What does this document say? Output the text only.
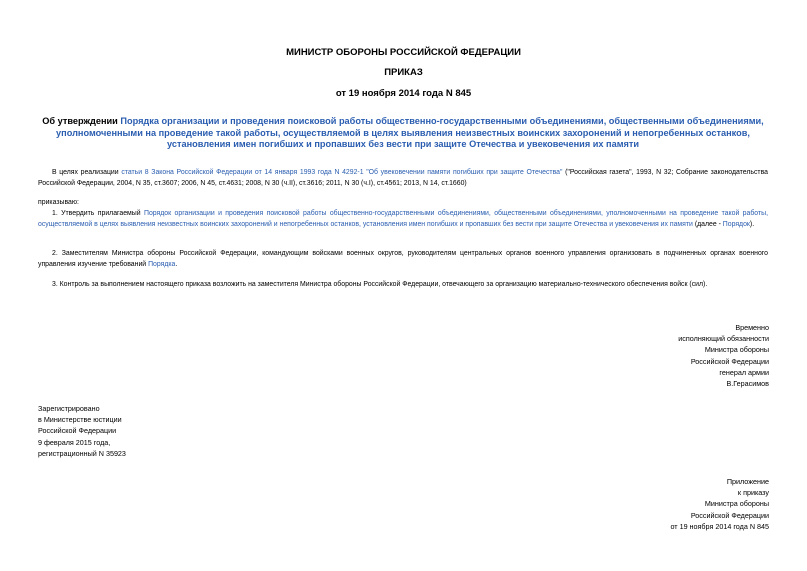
МИНИСТР ОБОРОНЫ РОССИЙСКОЙ ФЕДЕРАЦИИ
ПРИКАЗ
от 19 ноября 2014 года N 845
Об утверждении Порядка организации и проведения поисковой работы общественно-государственными объединениями, общественными объединениями, уполномоченными на проведение такой работы, осуществляемой в целях выявления неизвестных воинских захоронений и непогребенных останков, установления имен погибших и пропавших без вести при защите Отечества и увековечения их памяти
В целях реализации статьи 8 Закона Российской Федерации от 14 января 1993 года N 4292-1 "Об увековечении памяти погибших при защите Отечества" ("Российская газета", 1993, N 32; Собрание законодательства Российской Федерации, 2004, N 35, ст.3607; 2006, N 45, ст.4631; 2008, N 30 (ч.II), ст.3616; 2011, N 30 (ч.I), ст.4561; 2013, N 14, ст.1660)
приказываю:
1. Утвердить прилагаемый Порядок организации и проведения поисковой работы общественно-государственными объединениями, общественными объединениями, уполномоченными на проведение такой работы, осуществляемой в целях выявления неизвестных воинских захоронений и непогребенных останков, установления имен погибших и пропавших без вести при защите Отечества и увековечения их памяти (далее - Порядок).
2. Заместителям Министра обороны Российской Федерации, командующим войсками военных округов, руководителям центральных органов военного управления организовать в подчиненных органах военного управления изучение требований Порядка.
3. Контроль за выполнением настоящего приказа возложить на заместителя Министра обороны Российской Федерации, отвечающего за организацию материально-технического обеспечения войск (сил).
Временно
исполняющий обязанности
Министра обороны
Российской Федерации
генерал армии
В.Герасимов
Зарегистрировано
в Министерстве юстиции
Российской Федерации
9 февраля 2015 года,
регистрационный N 35923
Приложение
к приказу
Министра обороны
Российской Федерации
от 19 ноября 2014 года N 845
